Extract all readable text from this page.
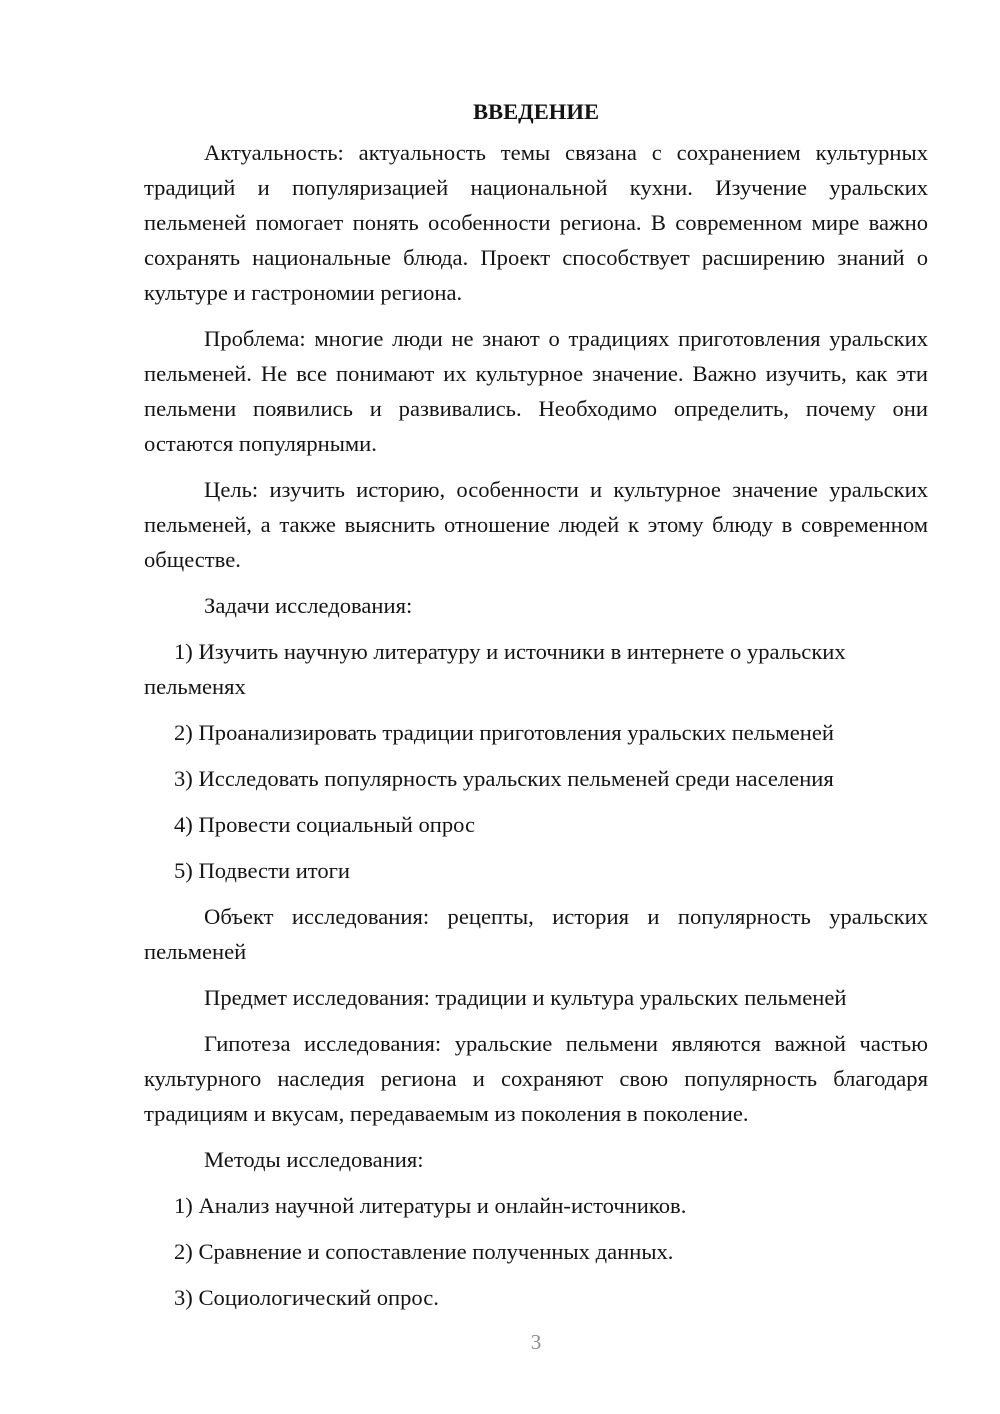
ВВЕДЕНИЕ

Актуальность: актуальность темы связана с сохранением культурных традиций и популяризацией национальной кухни. Изучение уральских пельменей помогает понять особенности региона. В современном мире важно сохранять национальные блюда. Проект способствует расширению знаний о культуре и гастрономии региона.

Проблема: многие люди не знают о традициях приготовления уральских пельменей. Не все понимают их культурное значение. Важно изучить, как эти пельмени появились и развивались. Необходимо определить, почему они остаются популярными.

Цель: изучить историю, особенности и культурное значение уральских пельменей, а также выяснить отношение людей к этому блюду в современном обществе.

Задачи исследования:

1) Изучить научную литературу и источники в интернете о уральских пельменях

2) Проанализировать традиции приготовления уральских пельменей

3) Исследовать популярность уральских пельменей среди населения

4) Провести социальный опрос

5) Подвести итоги

Объект исследования: рецепты, история и популярность уральских пельменей

Предмет исследования: традиции и культура уральских пельменей

Гипотеза исследования: уральские пельмени являются важной частью культурного наследия региона и сохраняют свою популярность благодаря традициям и вкусам, передаваемым из поколения в поколение.

Методы исследования:

1) Анализ научной литературы и онлайн-источников.

2) Сравнение и сопоставление полученных данных.

3) Социологический опрос.

3
